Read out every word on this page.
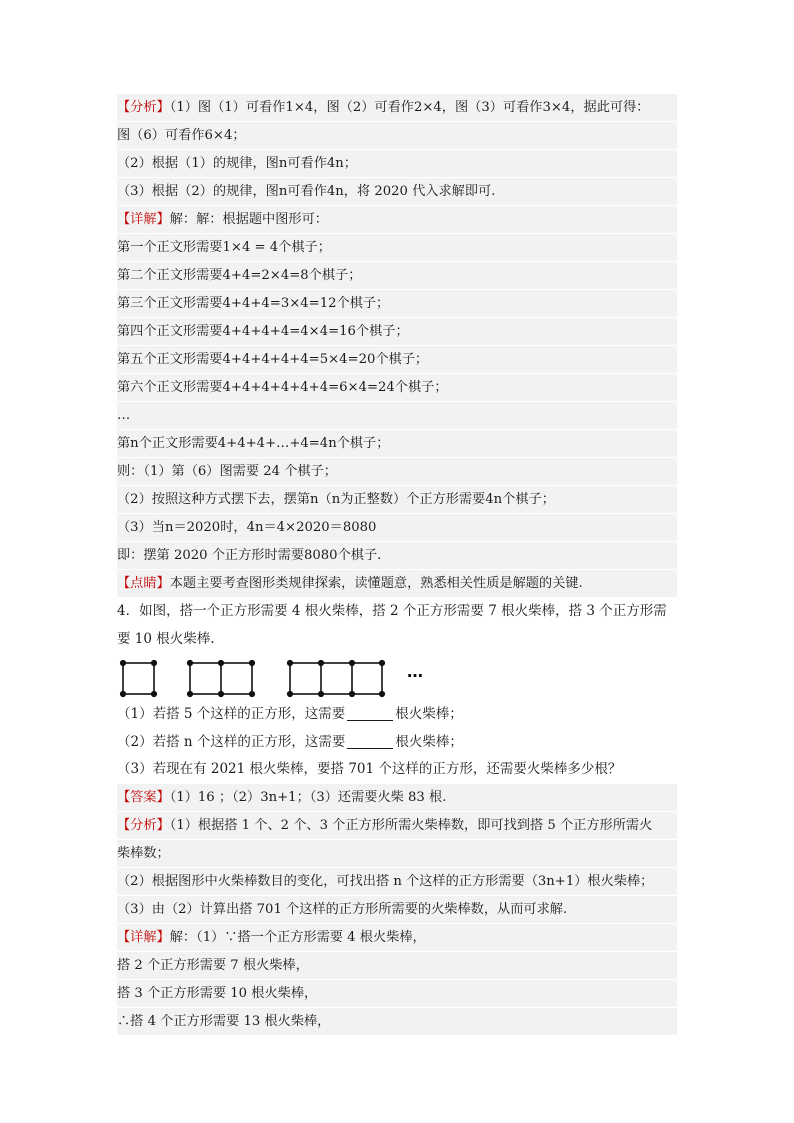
【分析】（1）图（1）可看作1×4，图（2）可看作2×4，图（3）可看作3×4，据此可得：
图（6）可看作6×4；
（2）根据（1）的规律，图n可看作4n；
（3）根据（2）的规律，图n可看作4n，将 2020 代入求解即可.
【详解】解：解：根据题中图形可：
第一个正文形需要1×4 = 4个棋子；
第二个正文形需要4+4=2×4=8个棋子；
第三个正文形需要4+4+4=3×4=12个棋子；
第四个正文形需要4+4+4+4=4×4=16个棋子；
第五个正文形需要4+4+4+4+4=5×4=20个棋子；
第六个正文形需要4+4+4+4+4+4=6×4=24个棋子；
…
第n个正文形需要4+4+4+…+4=4n个棋子；
则：（1）第（6）图需要 24 个棋子；
（2）按照这种方式摆下去，摆第n（n为正整数）个正方形需要4n个棋子；
（3）当n＝2020时，4n＝4×2020＝8080
即：摆第 2020 个正方形时需要8080个棋子.
【点睛】本题主要考查图形类规律探索，读懂题意，熟悉相关性质是解题的关键.
4．如图，搭一个正方形需要 4 根火柴棒，搭 2 个正方形需要 7 根火柴棒，搭 3 个正方形需
要 10 根火柴棒.
…
（1）若搭 5 个这样的正方形，这需要	根火柴棒；
（2）若搭 n 个这样的正方形，这需要	根火柴棒；
（3）若现在有 2021 根火柴棒，要搭 701 个这样的正方形，还需要火柴棒多少根？
【答案】（1）16 ；（2）3n+1；（3）还需要火柴 83 根.
【分析】（1）根据搭 1 个、2 个、3 个正方形所需火柴棒数，即可找到搭 5 个正方形所需火
柴棒数；
（2）根据图形中火柴棒数目的变化，可找出搭 n 个这样的正方形需要（3n+1）根火柴棒；
（3）由（2）计算出搭 701 个这样的正方形所需要的火柴棒数，从而可求解.
【详解】解：（1）∵搭一个正方形需要 4 根火柴棒，
搭 2 个正方形需要 7 根火柴棒，
搭 3 个正方形需要 10 根火柴棒，
∴搭 4 个正方形需要 13 根火柴棒，
